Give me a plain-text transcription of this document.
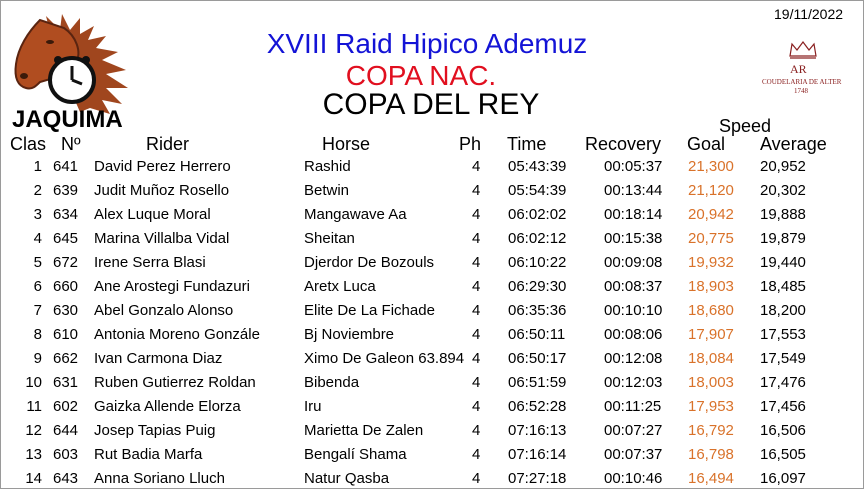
19/11/2022
JAQUIMA
AR
COUDELARIA DE ALTER
1748
XVIII Raid Hipico Ademuz
COPA NAC.
COPA DEL REY
Clas Nº	Rider	Horse	Ph Time Recovery
Speed
Goal Average
1 641 David Perez Herrero	Rashid	4 05:43:39	00:05:37 21,300 20,952
2 639 Judit Muñoz Rosello	Betwin	4 05:54:39	00:13:44 21,120 20,302
3 634 Alex Luque Moral	Mangawave Aa	4 06:02:02	00:18:14 20,942 19,888
4 645 Marina Villalba Vidal	Sheitan	4 06:02:12	00:15:38 20,775 19,879
5 672 Irene Serra Blasi	Djerdor De Bozouls	4 06:10:22	00:09:08 19,932 19,440
6 660 Ane Arostegi Fundazuri	Aretx Luca	4 06:29:30	00:08:37 18,903 18,485
7 630 Abel Gonzalo Alonso	Elite De La Fichade 4 06:35:36	00:10:10 18,680 18,200
8 610 Antonia Moreno Gonzále	Bj Noviembre	4 06:50:11	00:08:06 17,907 17,553
9 662 Ivan Carmona Diaz	Ximo De Galeon 63.894 4 06:50:17	00:12:08 18,084 17,549
10 631 Ruben Gutierrez Roldan	Bibenda	4 06:51:59	00:12:03 18,003 17,476
11 602 Gaizka Allende Elorza	Iru	4 06:52:28	00:11:25 17,953 17,456
12 644 Josep Tapias Puig	Marietta De Zalen	4 07:16:13	00:07:27 16,792 16,506
13 603 Rut Badia Marfa	Bengalí Shama	4 07:16:14	00:07:37 16,798 16,505
14 643 Anna Soriano Lluch	Natur Qasba	4 07:27:18	00:10:46 16,494 16,097
